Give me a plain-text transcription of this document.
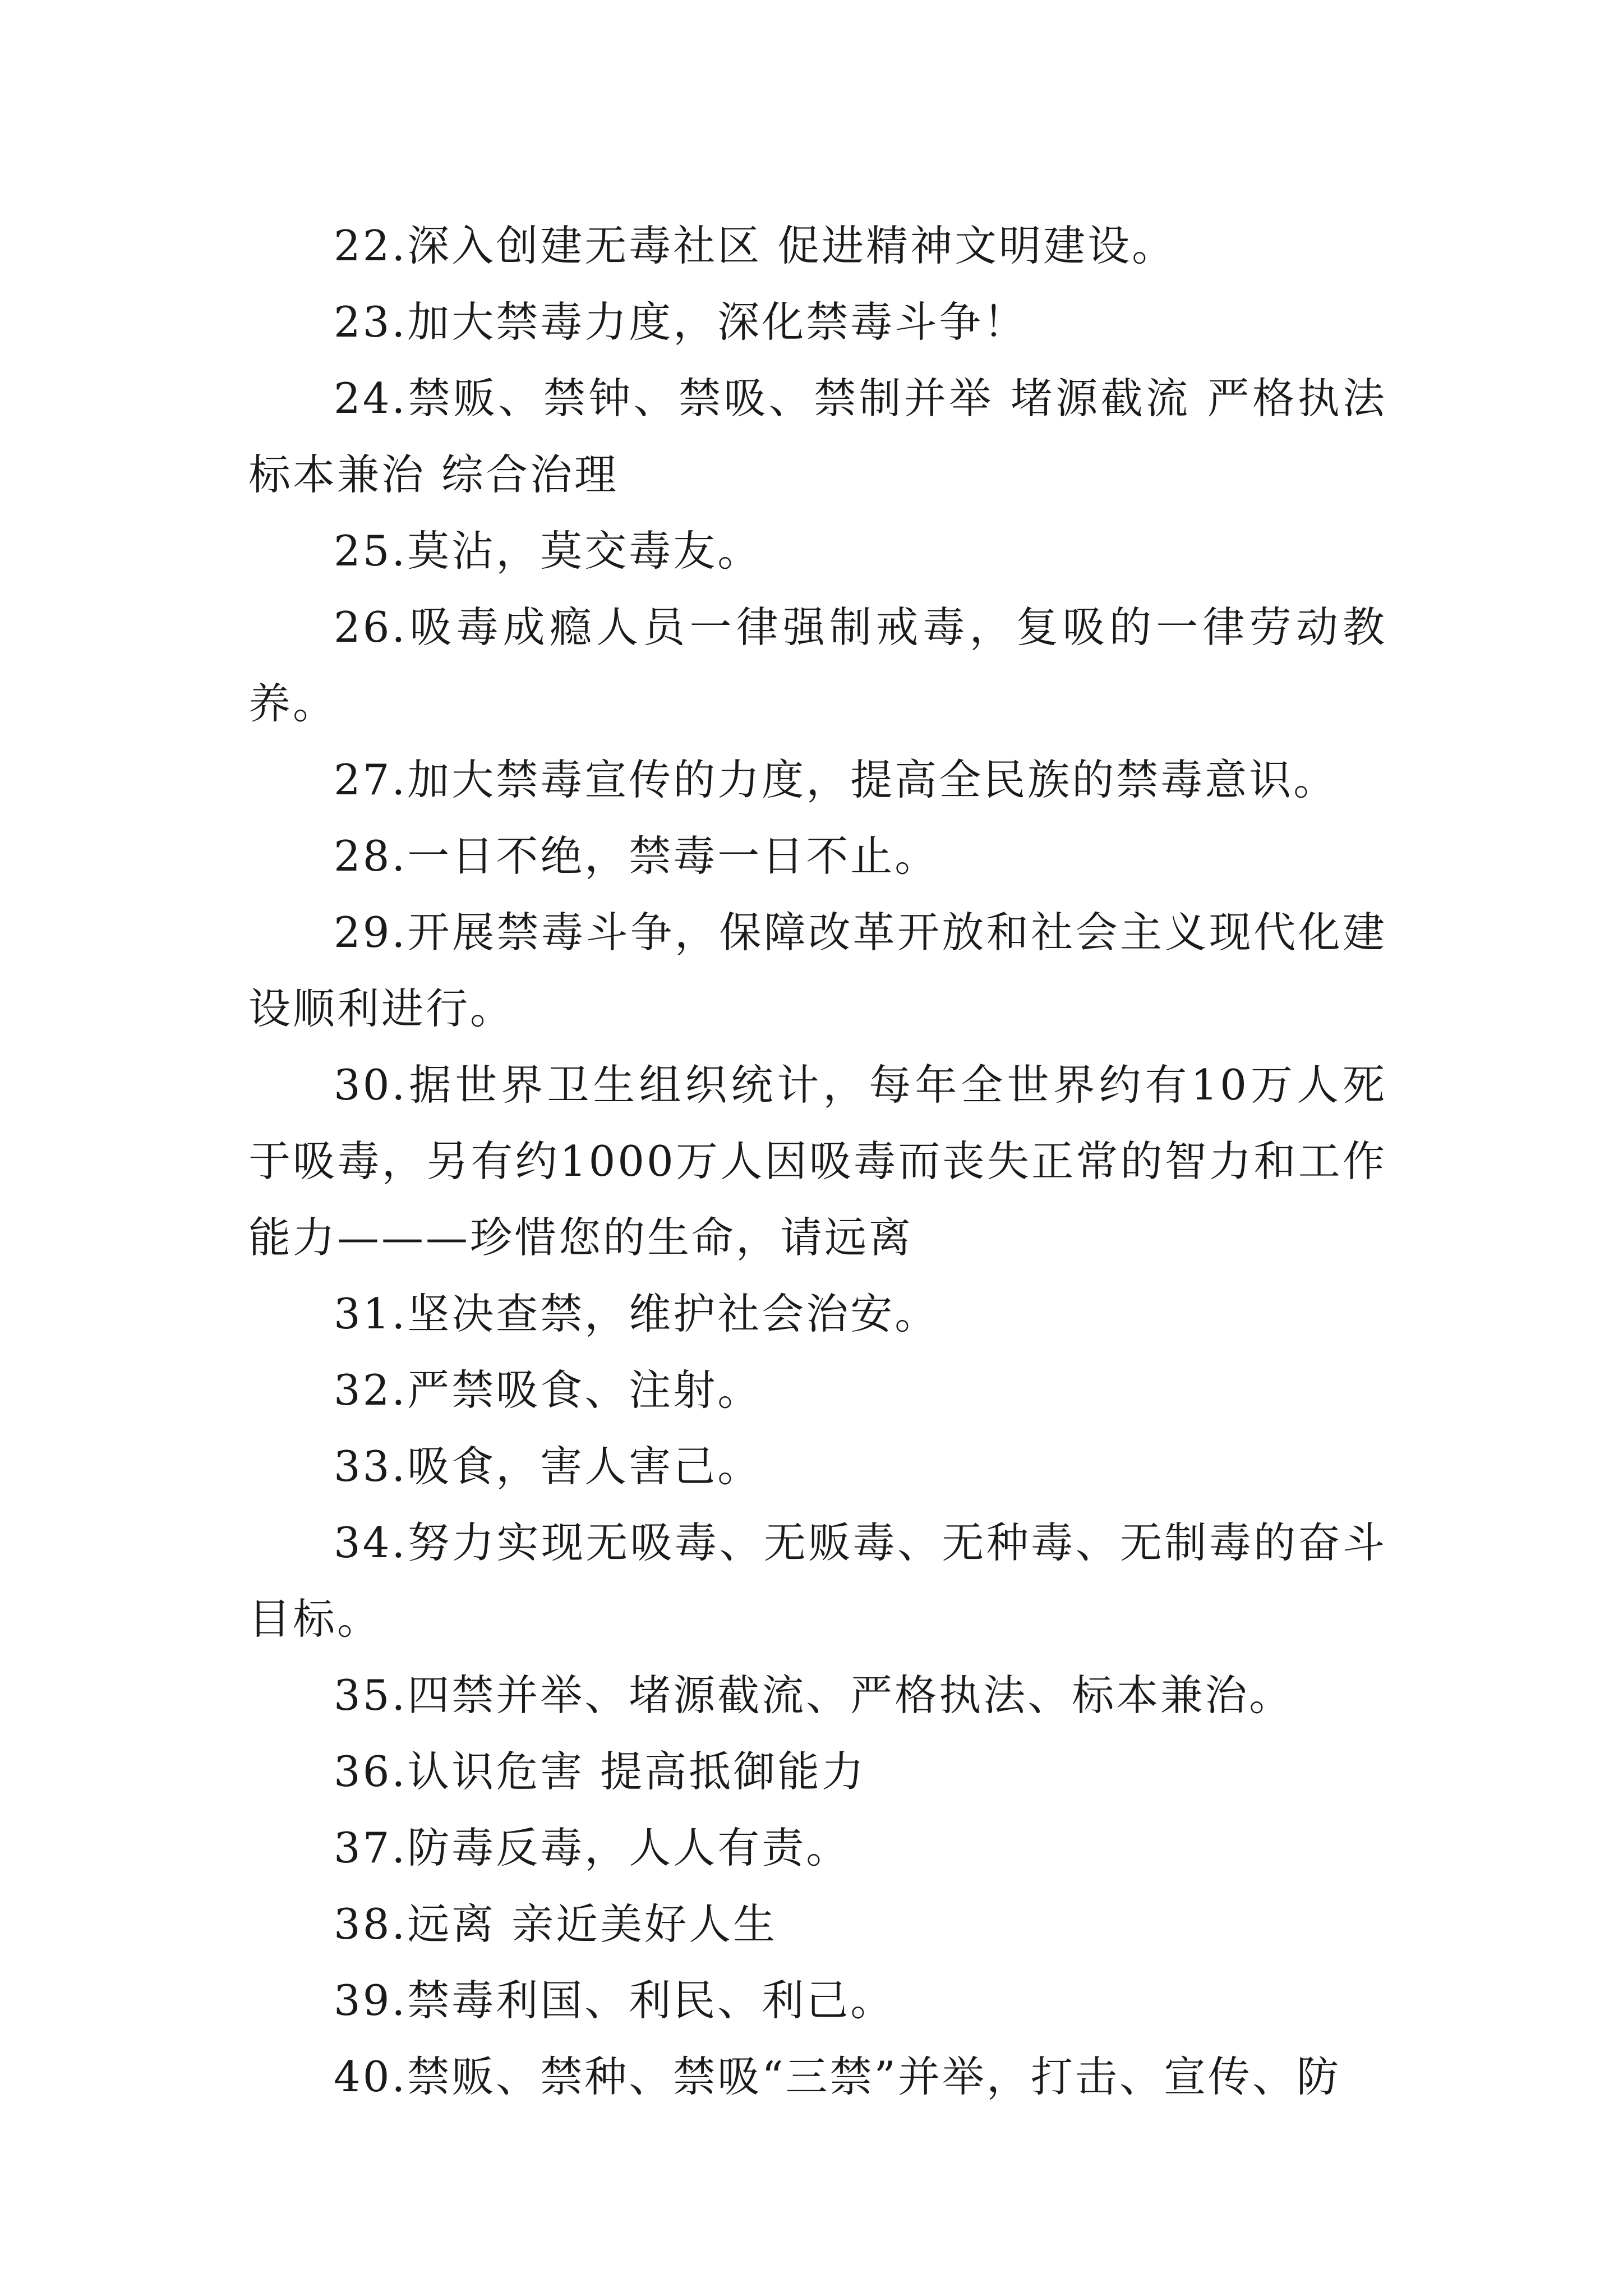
22.深入创建无毒社区 促进精神文明建设。

23.加大禁毒力度，深化禁毒斗争！

24.禁贩、禁钟、禁吸、禁制并举 堵源截流 严格执法 标本兼治 综合治理

25.莫沾，莫交毒友。

26.吸毒成瘾人员一律强制戒毒，复吸的一律劳动教养。

27.加大禁毒宣传的力度，提高全民族的禁毒意识。

28.一日不绝，禁毒一日不止。

29.开展禁毒斗争，保障改革开放和社会主义现代化建设顺利进行。

30.据世界卫生组织统计，每年全世界约有10万人死于吸毒，另有约1000万人因吸毒而丧失正常的智力和工作能力———珍惜您的生命，请远离

31.坚决查禁，维护社会治安。

32.严禁吸食、注射。

33.吸食，害人害己。

34.努力实现无吸毒、无贩毒、无种毒、无制毒的奋斗目标。

35.四禁并举、堵源截流、严格执法、标本兼治。

36.认识危害 提高抵御能力

37.防毒反毒，人人有责。

38.远离 亲近美好人生

39.禁毒利国、利民、利己。

40.禁贩、禁种、禁吸“三禁”并举，打击、宣传、防
